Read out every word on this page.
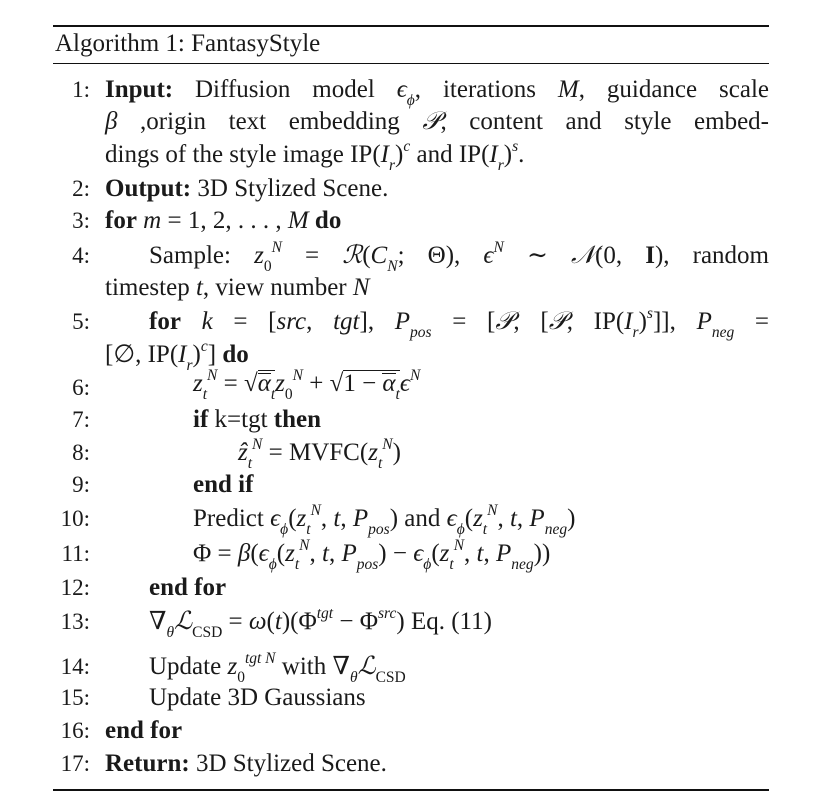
Algorithm 1: FantasyStyle
1: Input: Diffusion model $\epsilon_\phi$, iterations M, guidance scale
β ,origin text embedding 𝒫, content and style embed-
dings of the style image $IP(I_r)^c$ and $IP(I_r)^s$.
2: Output: 3D Stylized Scene.
3: for m = 1, 2, . . . , M do
4: Sample: $z_0^N$ = $ℛ(C_N$; Θ), $\epsilon^N$ ∼ 𝒩(0, I), random
timestep t, view number N
5: for k = [src, tgt], $P_{pos}$ = [𝒫, [𝒫, $IP(I_r)^s$]], $P_{neg}$ =
[∅, $IP(I_r)^c$] do
6:	$z_t^N = √\alpha_tz_0^N + √1 - \alpha_t\epsilon^N$
7:	if k=tgt then
8:	ẑ$_t^N$ = $MVFC(z_t^N)$
9:	end if
10:	Predict $\epsilon_\phi(z_t^N$, t, $P_{pos}$) and $\epsilon_\phi(z_t^N$, t, $P_{neg}$)
11:	$\Phi = \beta(\epsilon_\phi(z_t^N$, t, $P_{pos}) - \epsilon_\phi(z_t^N$, t, $P_{neg}$))
12: end for
13: $\nabla_\theta ℒ_{CSD} = \omega(t)(\Phi^{tgt} - \Phi^{src})$ Eq. (11)
14: Update $z_0^{tgt N}$ with $\nabla_\theta ℒ_{CSD}$
15: Update 3D Gaussians
16: end for
17: Return: 3D Stylized Scene.
